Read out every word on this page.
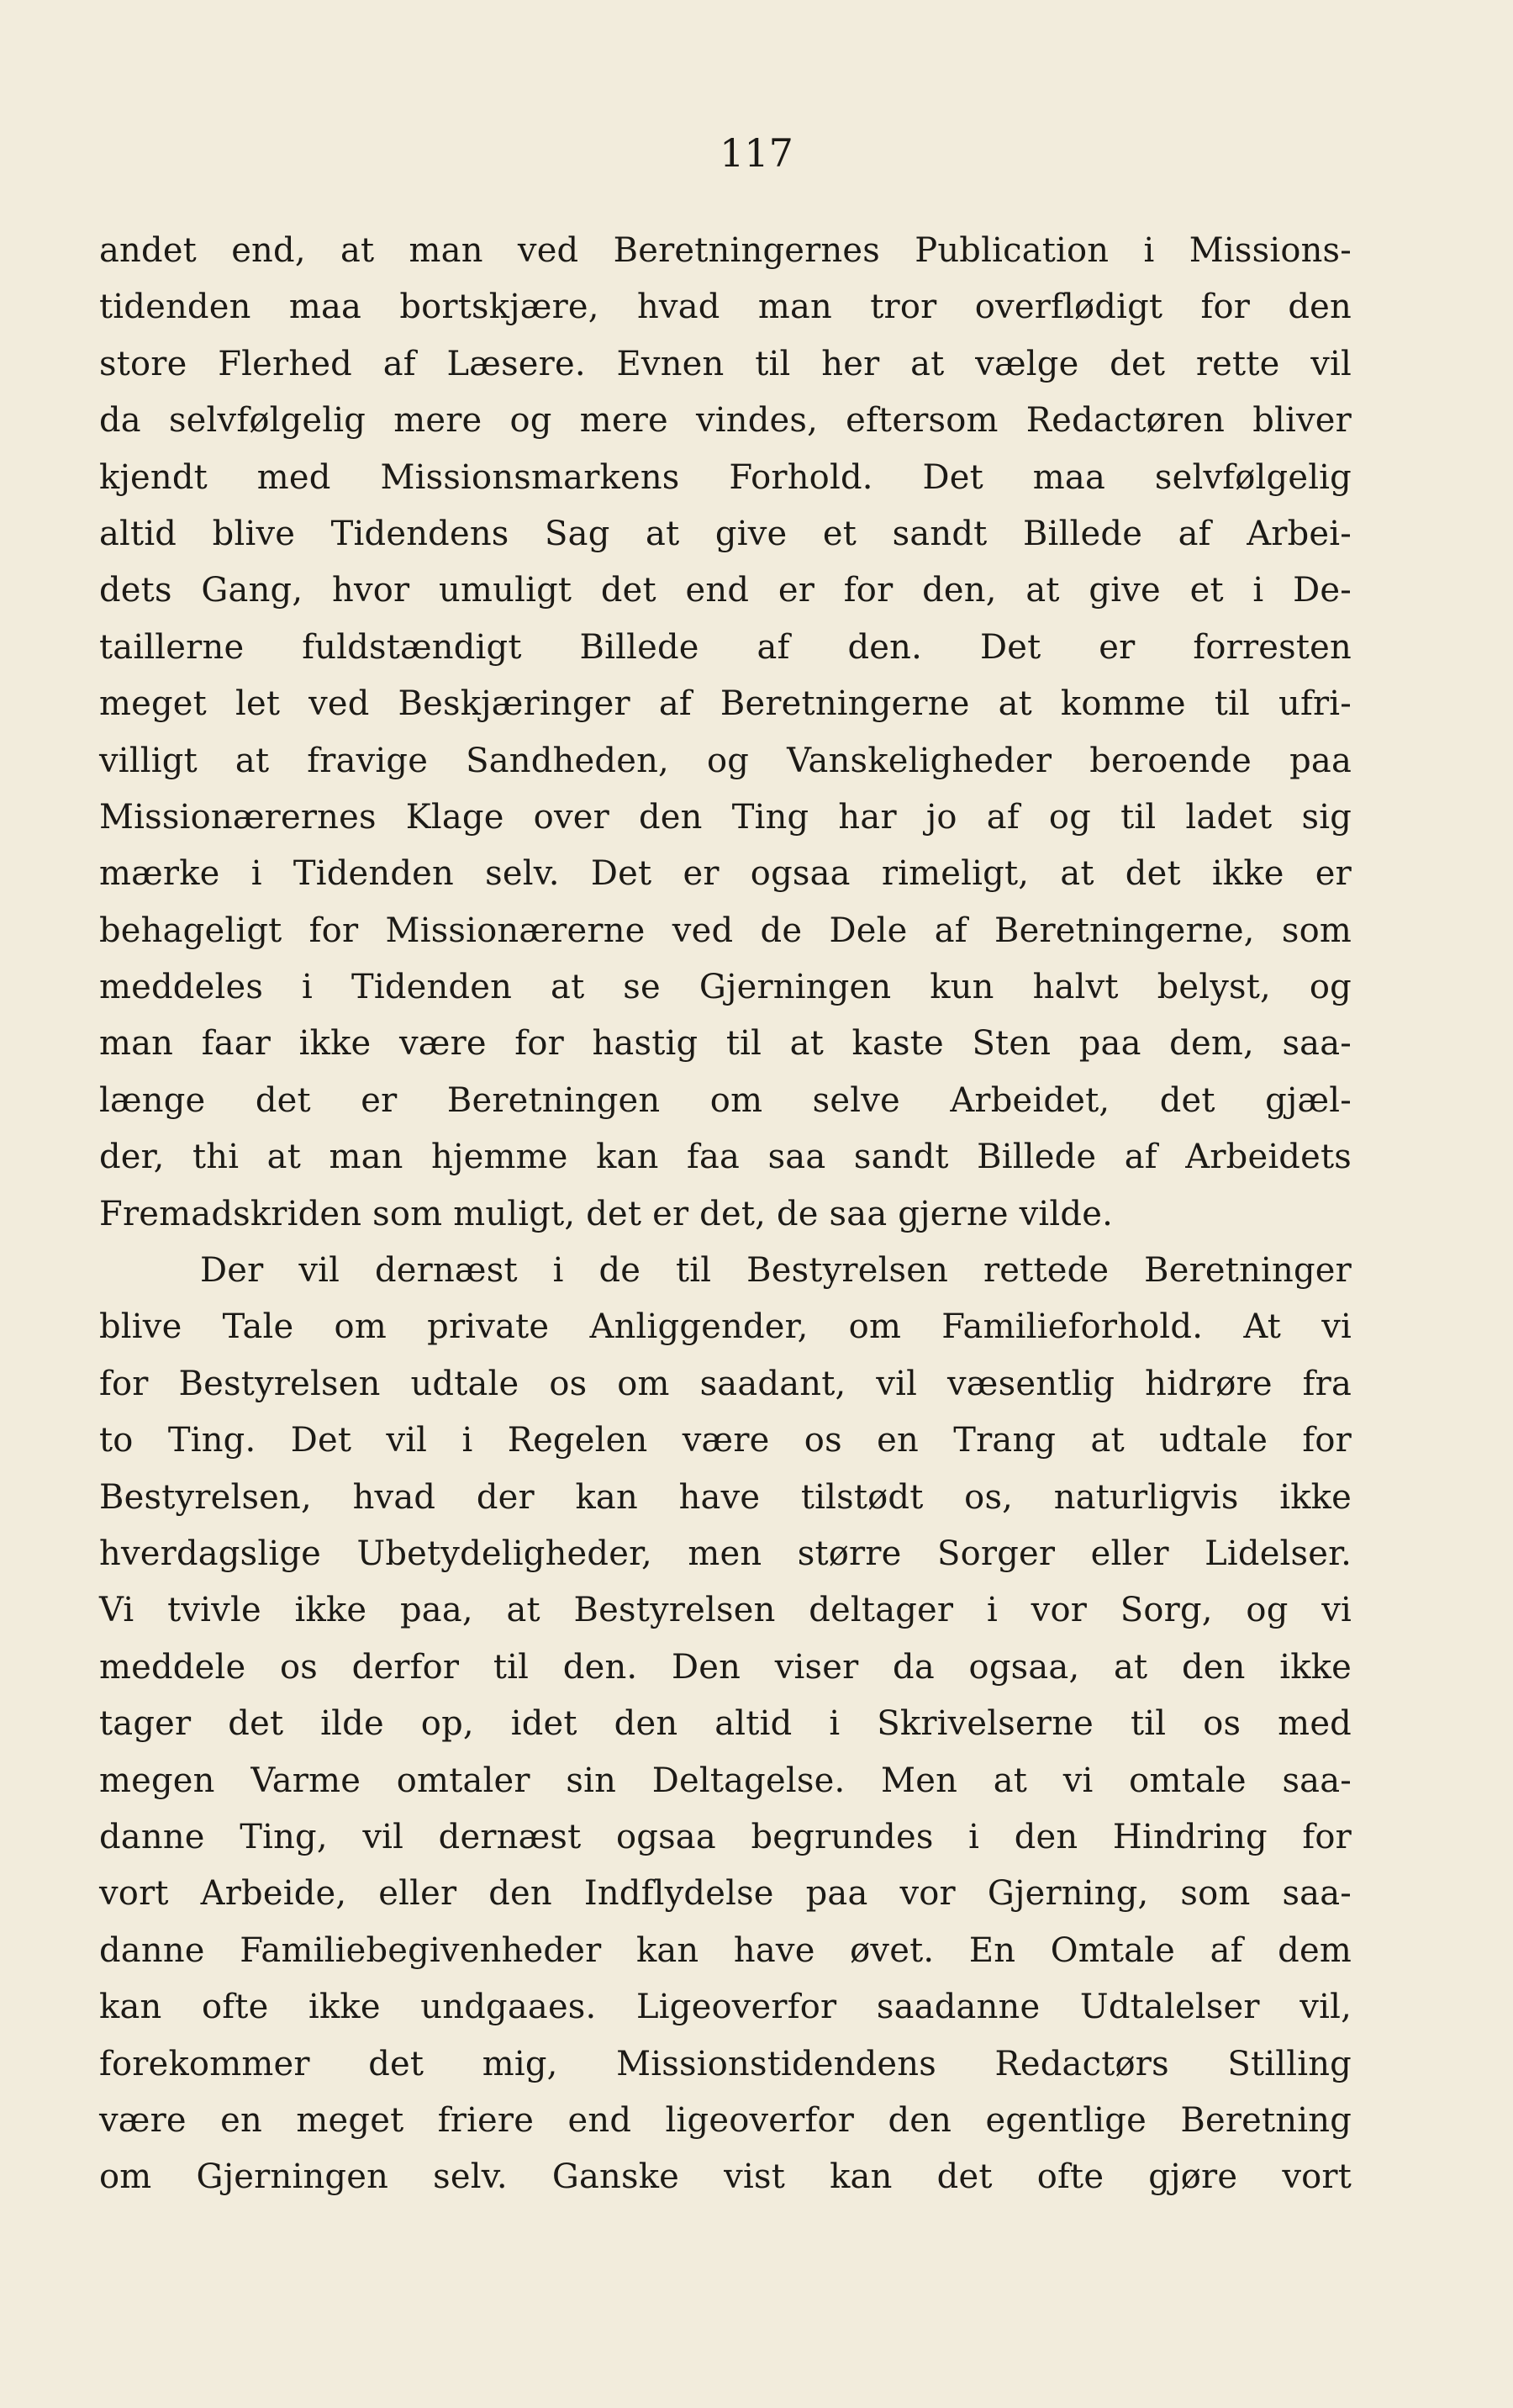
117
andet end, at man ved Beretningernes Publication i Missions-
tidenden maa bortskjære, hvad man tror overflødigt for den
store Flerhed af Læsere. Evnen til her at vælge det rette vil
da selvfølgelig mere og mere vindes, eftersom Redactøren bliver
kjendt med Missionsmarkens Forhold. Det maa selvfølgelig
altid blive Tidendens Sag at give et sandt Billede af Arbei-
dets Gang, hvor umuligt det end er for den, at give et i De-
taillerne fuldstændigt Billede af den. Det er forresten
meget let ved Beskjæringer af Beretningerne at komme til ufri-
villigt at fravige Sandheden, og Vanskeligheder beroende paa
Missionærernes Klage over den Ting har jo af og til ladet sig
mærke i Tidenden selv. Det er ogsaa rimeligt, at det ikke er
behageligt for Missionærerne ved de Dele af Beretningerne, som
meddeles i Tidenden at se Gjerningen kun halvt belyst, og
man faar ikke være for hastig til at kaste Sten paa dem, saa-
længe det er Beretningen om selve Arbeidet, det gjæl-
der, thi at man hjemme kan faa saa sandt Billede af Arbeidets
Fremadskriden som muligt, det er det, de saa gjerne vilde.
Der vil dernæst i de til Bestyrelsen rettede Beretninger
blive Tale om private Anliggender, om Familieforhold. At vi
for Bestyrelsen udtale os om saadant, vil væsentlig hidrøre fra
to Ting. Det vil i Regelen være os en Trang at udtale for
Bestyrelsen, hvad der kan have tilstødt os, naturligvis ikke
hverdagslige Ubetydeligheder, men større Sorger eller Lidelser.
Vi tvivle ikke paa, at Bestyrelsen deltager i vor Sorg, og vi
meddele os derfor til den. Den viser da ogsaa, at den ikke
tager det ilde op, idet den altid i Skrivelserne til os med
megen Varme omtaler sin Deltagelse. Men at vi omtale saa-
danne Ting, vil dernæst ogsaa begrundes i den Hindring for
vort Arbeide, eller den Indflydelse paa vor Gjerning, som saa-
danne Familiebegivenheder kan have øvet. En Omtale af dem
kan ofte ikke undgaaes. Ligeoverfor saadanne Udtalelser vil,
forekommer det mig, Missionstidendens Redactørs Stilling
være en meget friere end ligeoverfor den egentlige Beretning
om Gjerningen selv. Ganske vist kan det ofte gjøre vort
